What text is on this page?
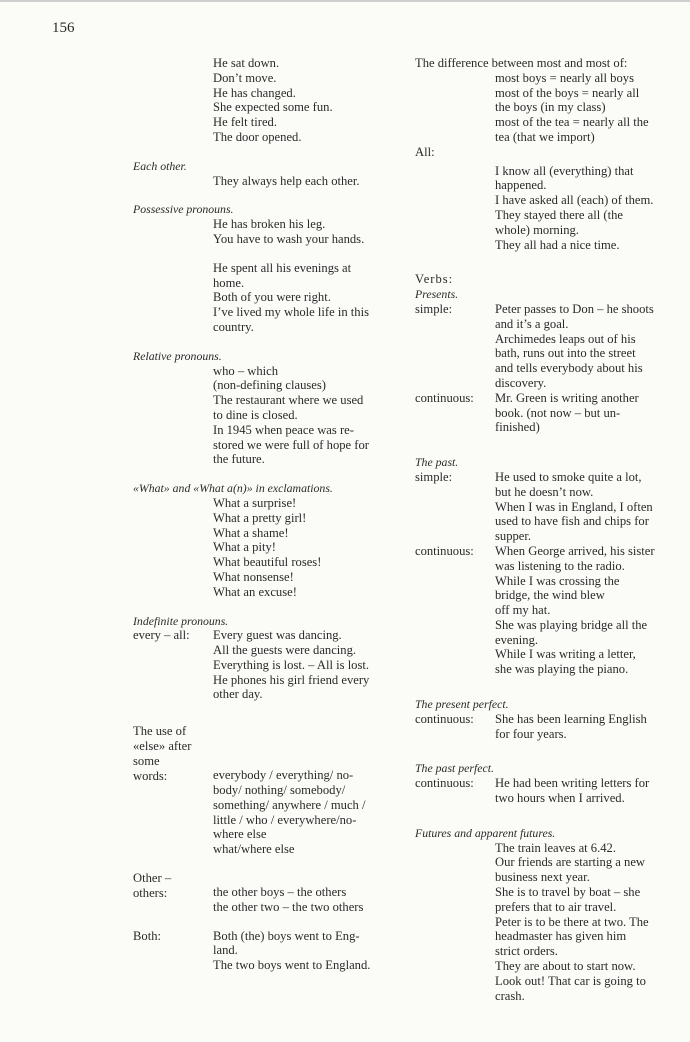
156
He sat down.
Don’t move.
He has changed.
She expected some fun.
He felt tired.
The door opened.
Each other.
They always help each other.
Possessive pronouns.
He has broken his leg.
You have to wash your hands.
He spent all his evenings at
home.
Both of you were right.
I’ve lived my whole life in this
country.
Relative pronouns.
who – which
(non-defining clauses)
The restaurant where we used
to dine is closed.
In 1945 when peace was re-
stored we were full of hope for
the future.
«What» and «What a(n)» in exclamations.
What a surprise!
What a pretty girl!
What a shame!
What a pity!
What beautiful roses!
What nonsense!
What an excuse!
Indefinite pronouns.
every – all:	Every guest was dancing.
All the guests were dancing.
Everything is lost. – All is lost.
He phones his girl friend every
other day.
The use of
«else» after
some
words:	everybody / everything/ no-
body/ nothing/ somebody/
something/ anywhere / much /
little / who / everywhere/no-
where else
what/where else
Other –
others:	the other boys – the others
the other two – the two others
Both:	Both (the) boys went to Eng-
land.
The two boys went to England.
The difference between most and most of:
most boys = nearly all boys
most of the boys = nearly all
the boys (in my class)
most of the tea = nearly all the
tea (that we import)
All:
I know all (everything) that
happened.
I have asked all (each) of them.
They stayed there all (the
whole) morning.
They all had a nice time.
Verbs:
Presents.
simple:	Peter passes to Don – he shoots
and it’s a goal.
Archimedes leaps out of his
bath, runs out into the street
and tells everybody about his
discovery.
continuous:	Mr. Green is writing another
book. (not now – but un-
finished)
The past.
simple:	He used to smoke quite a lot,
but he doesn’t now.
When I was in England, I often
used to have fish and chips for
supper.
continuous:	When George arrived, his sister
was listening to the radio.
While I was crossing the
bridge, the wind blew
off my hat.
She was playing bridge all the
evening.
While I was writing a letter,
she was playing the piano.
The present perfect.
continuous:	She has been learning English
for four years.
The past perfect.
continuous:	He had been writing letters for
two hours when I arrived.
Futures and apparent futures.
The train leaves at 6.42.
Our friends are starting a new
business next year.
She is to travel by boat – she
prefers that to air travel.
Peter is to be there at two. The
headmaster has given him
strict orders.
They are about to start now.
Look out! That car is going to
crash.
